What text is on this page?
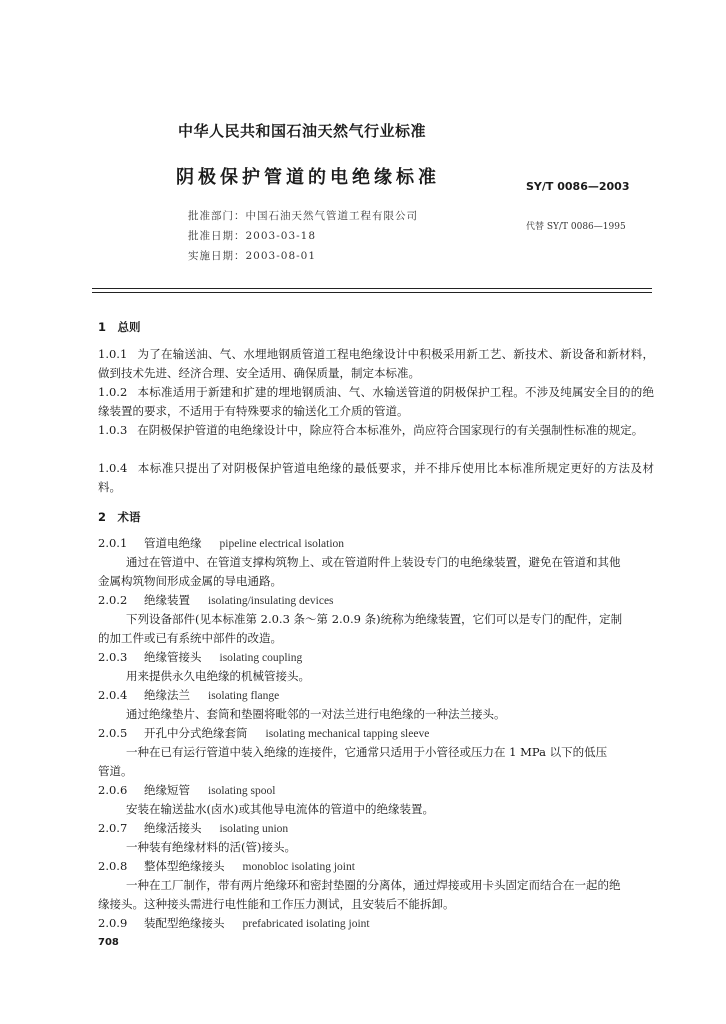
中华人民共和国石油天然气行业标准
阴极保护管道的电绝缘标准	SY/T 0086—2003
批准部门：中国石油天然气管道工程有限公司
批准日期：2003-03-18
实施日期：2003-08-01
代替 SY/T 0086—1995
1　总则
1.0.1 为了在输送油、气、水埋地钢质管道工程电绝缘设计中积极采用新工艺、新技术、新设备和新材料，做到技术先进、经济合理、安全适用、确保质量，制定本标准。
1.0.2 本标准适用于新建和扩建的埋地钢质油、气、水输送管道的阴极保护工程。不涉及纯属安全目的的绝缘装置的要求，不适用于有特殊要求的输送化工介质的管道。
1.0.3 在阴极保护管道的电绝缘设计中，除应符合本标准外，尚应符合国家现行的有关强制性标准的规定。
1.0.4 本标准只提出了对阴极保护管道电绝缘的最低要求，并不排斥使用比本标准所规定更好的方法及材料。
2　术语
2.0.1 管道电绝缘 pipeline electrical isolation
通过在管道中、在管道支撑构筑物上、或在管道附件上装设专门的电绝缘装置，避免在管道和其他
金属构筑物间形成金属的导电通路。
2.0.2 绝缘装置 isolating/insulating devices
下列设备部件(见本标准第 2.0.3 条～第 2.0.9 条)统称为绝缘装置，它们可以是专门的配件，定制
的加工件或已有系统中部件的改造。
2.0.3 绝缘管接头 isolating coupling
用来提供永久电绝缘的机械管接头。
2.0.4 绝缘法兰 isolating flange
通过绝缘垫片、套筒和垫圈将毗邻的一对法兰进行电绝缘的一种法兰接头。
2.0.5 开孔中分式绝缘套筒 isolating mechanical tapping sleeve
一种在已有运行管道中装入绝缘的连接件，它通常只适用于小管径或压力在 1 MPa 以下的低压
管道。
2.0.6 绝缘短管 isolating spool
安装在输送盐水(卤水)或其他导电流体的管道中的绝缘装置。
2.0.7 绝缘活接头 isolating union
一种装有绝缘材料的活(管)接头。
2.0.8 整体型绝缘接头 monobloc isolating joint
一种在工厂制作，带有两片绝缘环和密封垫圈的分离体，通过焊接或用卡头固定而结合在一起的绝
缘接头。这种接头需进行电性能和工作压力测试，且安装后不能拆卸。
2.0.9 装配型绝缘接头 prefabricated isolating joint
708
